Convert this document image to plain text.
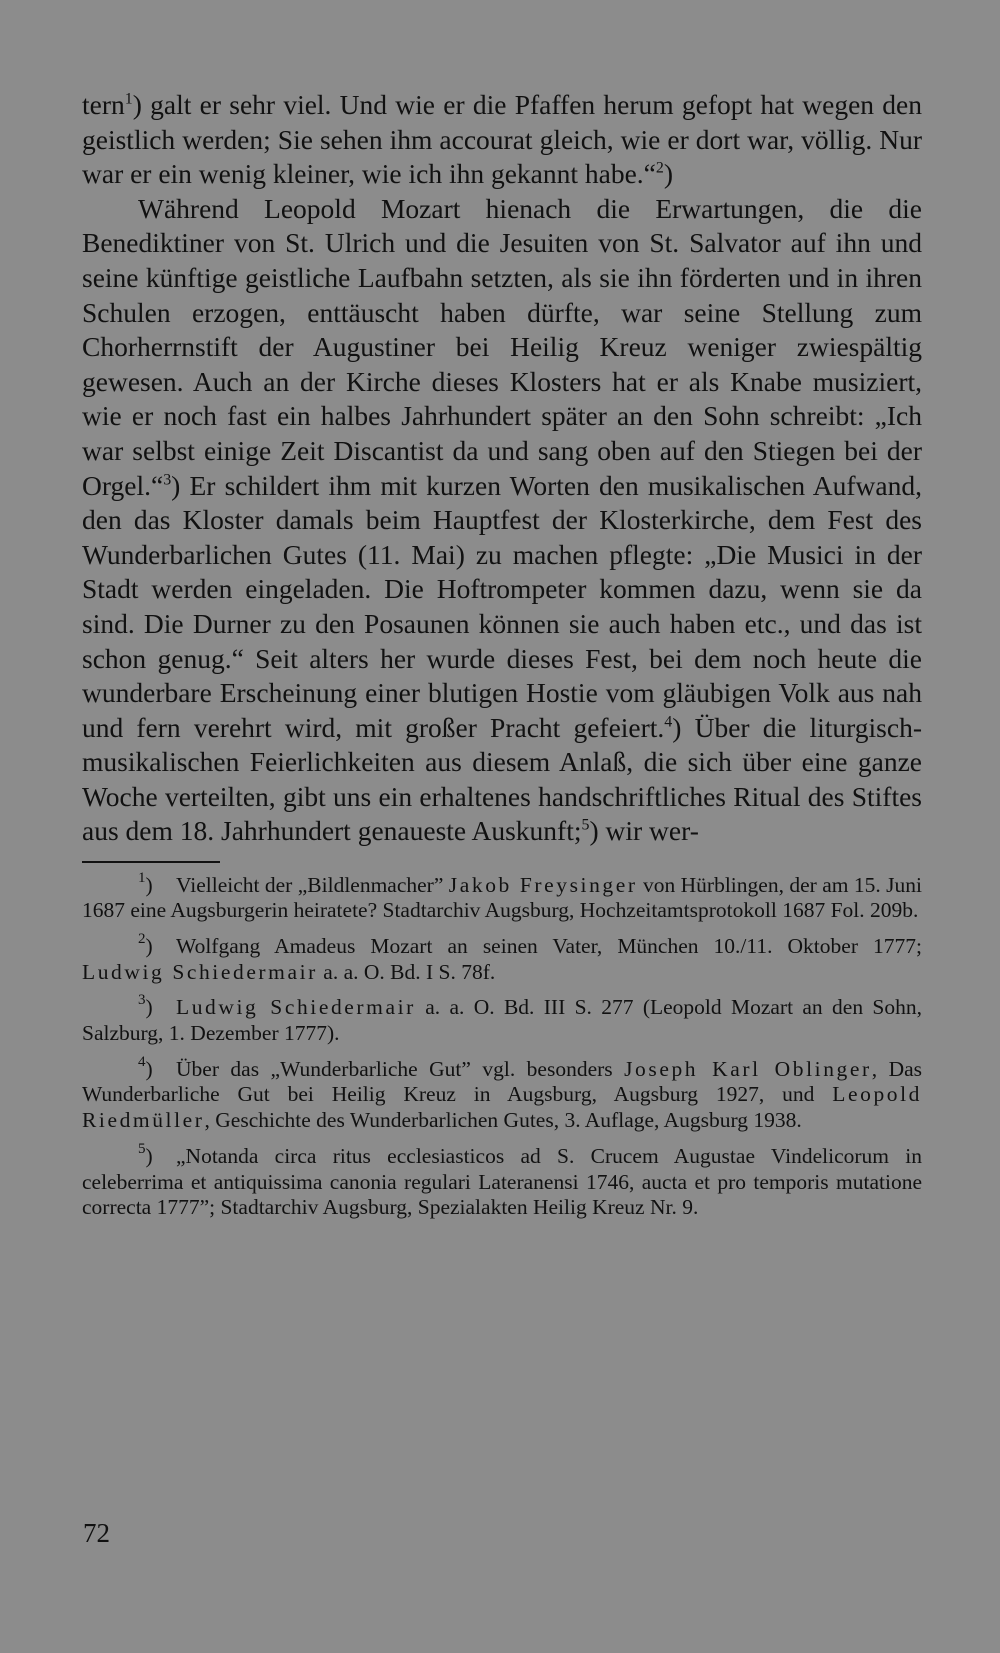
tern$^1$) galt er sehr viel. Und wie er die Pfaffen herum gefopt hat wegen den geistlich werden; Sie sehen ihm accourat gleich, wie er dort war, völlig. Nur war er ein wenig kleiner, wie ich ihn gekannt habe.“$^2$)

Während Leopold Mozart hienach die Erwartungen, die die Benediktiner von St. Ulrich und die Jesuiten von St. Salvator auf ihn und seine künftige geistliche Laufbahn setzten, als sie ihn förderten und in ihren Schulen erzogen, enttäuscht haben dürfte, war seine Stellung zum Chorherrnstift der Augustiner bei Heilig Kreuz weniger zwiespältig gewesen. Auch an der Kirche dieses Klosters hat er als Knabe musiziert, wie er noch fast ein halbes Jahrhundert später an den Sohn schreibt: „Ich war selbst einige Zeit Discantist da und sang oben auf den Stiegen bei der Orgel.“$^3$) Er schildert ihm mit kurzen Worten den musikalischen Aufwand, den das Kloster damals beim Hauptfest der Klosterkirche, dem Fest des Wunderbarlichen Gutes (11. Mai) zu machen pflegte: „Die Musici in der Stadt werden eingeladen. Die Hoftrompeter kommen dazu, wenn sie da sind. Die Durner zu den Posaunen können sie auch haben etc., und das ist schon genug.“ Seit alters her wurde dieses Fest, bei dem noch heute die wunderbare Erscheinung einer blutigen Hostie vom gläubigen Volk aus nah und fern verehrt wird, mit großer Pracht gefeiert.$^4$) Über die liturgisch-musikalischen Feierlichkeiten aus diesem Anlaß, die sich über eine ganze Woche verteilten, gibt uns ein erhaltenes handschriftliches Ritual des Stiftes aus dem 18. Jahrhundert genaueste Auskunft;$^5$) wir wer-

$^1$) Vielleicht der „Bildlenmacher” Jakob Freysinger von Hürblingen, der am 15. Juni 1687 eine Augsburgerin heiratete? Stadtarchiv Augsburg, Hochzeitamtsprotokoll 1687 Fol. 209b.

$^2$) Wolfgang Amadeus Mozart an seinen Vater, München 10./11. Oktober 1777; Ludwig Schiedermair a. a. O. Bd. I S. 78f.

$^3$) Ludwig Schiedermair a. a. O. Bd. III S. 277 (Leopold Mozart an den Sohn, Salzburg, 1. Dezember 1777).

$^4$) Über das „Wunderbarliche Gut” vgl. besonders Joseph Karl Oblinger, Das Wunderbarliche Gut bei Heilig Kreuz in Augsburg, Augsburg 1927, und Leopold Riedmüller, Geschichte des Wunderbarlichen Gutes, 3. Auflage, Augsburg 1938.

$^5$) „Notanda circa ritus ecclesiasticos ad S. Crucem Augustae Vindelicorum in celeberrima et antiquissima canonia regulari Lateranensi 1746, aucta et pro temporis mutatione correcta 1777”; Stadtarchiv Augsburg, Spezialakten Heilig Kreuz Nr. 9.

72
